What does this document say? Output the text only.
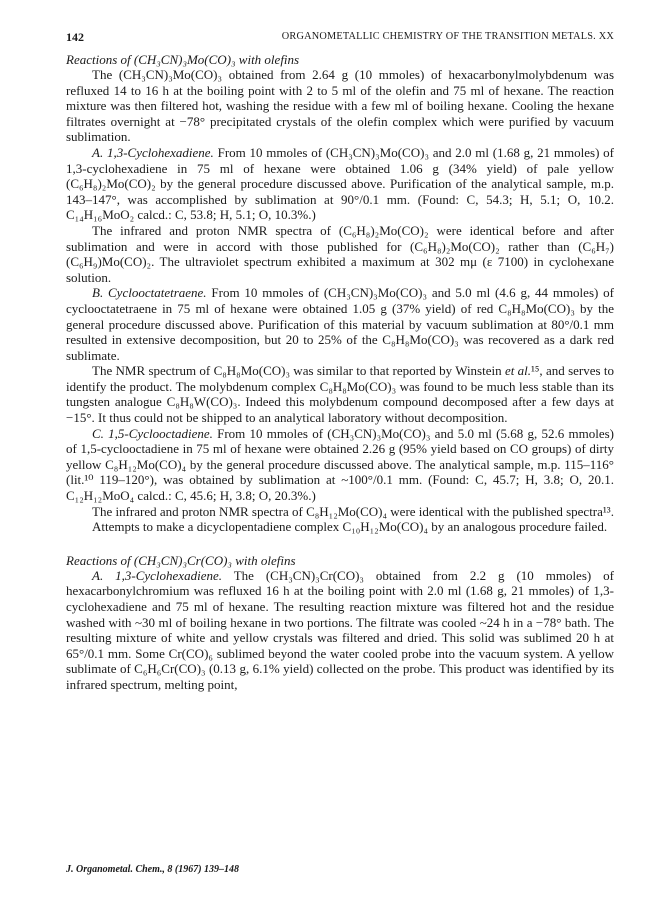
142	ORGANOMETALLIC CHEMISTRY OF THE TRANSITION METALS. XX

Reactions of (CH₃CN)₃Mo(CO)₃ with olefins

The (CH₃CN)₃Mo(CO)₃ obtained from 2.64 g (10 mmoles) of hexacarbonylmolybdenum was refluxed 14 to 16 h at the boiling point with 2 to 5 ml of the olefin and 75 ml of hexane. The reaction mixture was then filtered hot, washing the residue with a few ml of boiling hexane. Cooling the hexane filtrates overnight at −78° precipitated crystals of the olefin complex which were purified by vacuum sublimation.

A. 1,3-Cyclohexadiene. From 10 mmoles of (CH₃CN)₃Mo(CO)₃ and 2.0 ml (1.68 g, 21 mmoles) of 1,3-cyclohexadiene in 75 ml of hexane were obtained 1.06 g (34% yield) of pale yellow (C₆H₈)₂Mo(CO)₂ by the general procedure discussed above. Purification of the analytical sample, m.p. 143–147°, was accomplished by sublimation at 90°/0.1 mm. (Found: C, 54.3; H, 5.1; O, 10.2. C₁₄H₁₆MoO₂ calcd.: C, 53.8; H, 5.1; O, 10.3%.)

The infrared and proton NMR spectra of (C₆H₈)₂Mo(CO)₂ were identical before and after sublimation and were in accord with those published for (C₆H₈)₂Mo(CO)₂ rather than (C₆H₇)(C₆H₉)Mo(CO)₂. The ultraviolet spectrum exhibited a maximum at 302 mμ (ε 7100) in cyclohexane solution.

B. Cyclooctatetraene. From 10 mmoles of (CH₃CN)₃Mo(CO)₃ and 5.0 ml (4.6 g, 44 mmoles) of cyclooctatetraene in 75 ml of hexane were obtained 1.05 g (37% yield) of red C₈H₈Mo(CO)₃ by the general procedure discussed above. Purification of this material by vacuum sublimation at 80°/0.1 mm resulted in extensive decomposition, but 20 to 25% of the C₈H₈Mo(CO)₃ was recovered as a dark red sublimate.

The NMR spectrum of C₈H₈Mo(CO)₃ was similar to that reported by Winstein et al.¹⁵, and serves to identify the product. The molybdenum complex C₈H₈Mo(CO)₃ was found to be much less stable than its tungsten analogue C₈H₈W(CO)₃. Indeed this molybdenum compound decomposed after a few days at −15°. It thus could not be shipped to an analytical laboratory without decomposition.

C. 1,5-Cyclooctadiene. From 10 mmoles of (CH₃CN)₃Mo(CO)₃ and 5.0 ml (5.68 g, 52.6 mmoles) of 1,5-cyclooctadiene in 75 ml of hexane were obtained 2.26 g (95% yield based on CO groups) of dirty yellow C₈H₁₂Mo(CO)₄ by the general procedure discussed above. The analytical sample, m.p. 115–116° (lit.¹⁰ 119–120°), was obtained by sublimation at ~100°/0.1 mm. (Found: C, 45.7; H, 3.8; O, 20.1. C₁₂H₁₂MoO₄ calcd.: C, 45.6; H, 3.8; O, 20.3%.)

The infrared and proton NMR spectra of C₈H₁₂Mo(CO)₄ were identical with the published spectra¹³.

Attempts to make a dicyclopentadiene complex C₁₀H₁₂Mo(CO)₄ by an analogous procedure failed.

Reactions of (CH₃CN)₃Cr(CO)₃ with olefins

A. 1,3-Cyclohexadiene. The (CH₃CN)₃Cr(CO)₃ obtained from 2.2 g (10 mmoles) of hexacarbonylchromium was refluxed 16 h at the boiling point with 2.0 ml (1.68 g, 21 mmoles) of 1,3-cyclohexadiene and 75 ml of hexane. The resulting reaction mixture was filtered hot and the residue washed with ~30 ml of boiling hexane in two portions. The filtrate was cooled ~24 h in a −78° bath. The resulting mixture of white and yellow crystals was filtered and dried. This solid was sublimed 20 h at 65°/0.1 mm. Some Cr(CO)₆ sublimed beyond the water cooled probe into the vacuum system. A yellow sublimate of C₆H₆Cr(CO)₃ (0.13 g, 6.1% yield) collected on the probe. This product was identified by its infrared spectrum, melting point,

J. Organometal. Chem., 8 (1967) 139–148
